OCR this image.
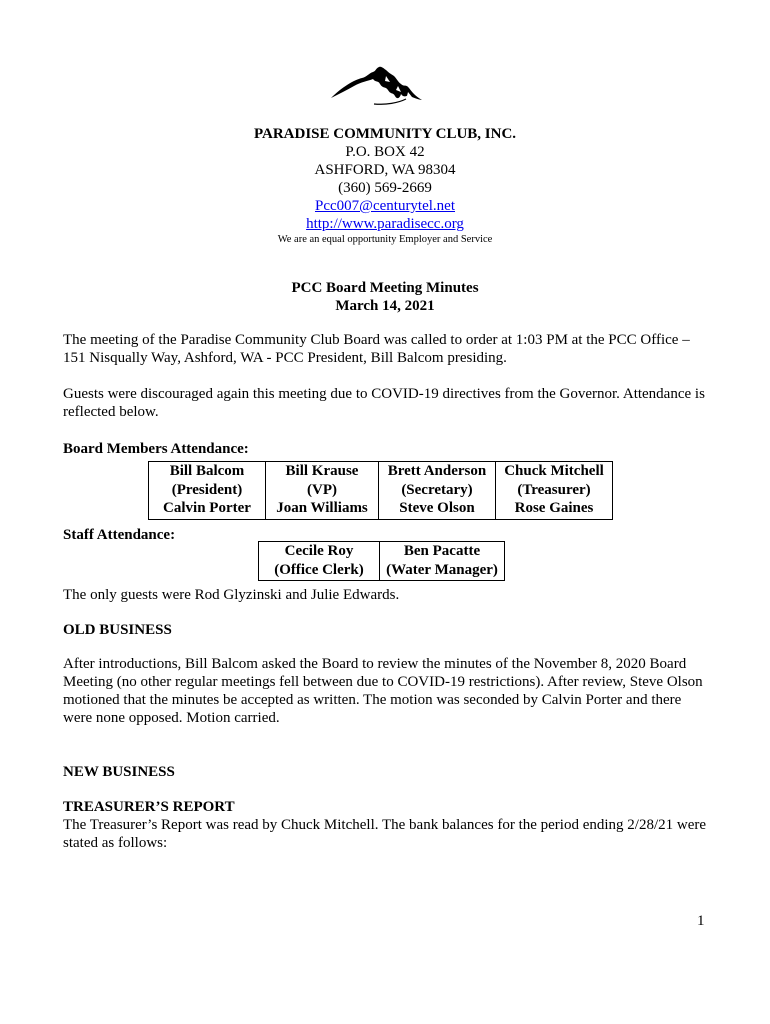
PARADISE COMMUNITY CLUB, INC.
P.O. BOX 42
ASHFORD, WA 98304
(360) 569-2669
Pcc007@centurytel.net
http://www.paradisecc.org
We are an equal opportunity Employer and Service
PCC Board Meeting Minutes
March 14, 2021

The meeting of the Paradise Community Club Board was called to order at 1:03 PM at the PCC Office – 151 Nisqually Way, Ashford, WA - PCC President, Bill Balcom presiding.

Guests were discouraged again this meeting due to COVID-19 directives from the Governor. Attendance is reflected below.

Board Members Attendance:

Bill Balcom
(President)
Calvin Porter

Bill Krause
(VP)
Joan Williams

Brett Anderson
(Secretary)
Steve Olson

Chuck Mitchell
(Treasurer)
Rose Gaines

Staff Attendance:

Cecile Roy
(Office Clerk)

Ben Pacatte
(Water Manager)

The only guests were Rod Glyzinski and Julie Edwards.

OLD BUSINESS

After introductions, Bill Balcom asked the Board to review the minutes of the November 8, 2020 Board Meeting (no other regular meetings fell between due to COVID-19 restrictions). After review, Steve Olson motioned that the minutes be accepted as written. The motion was seconded by Calvin Porter and there were none opposed. Motion carried.

NEW BUSINESS

TREASURER’S REPORT

The Treasurer’s Report was read by Chuck Mitchell. The bank balances for the period ending 2/28/21 were stated as follows:

1
